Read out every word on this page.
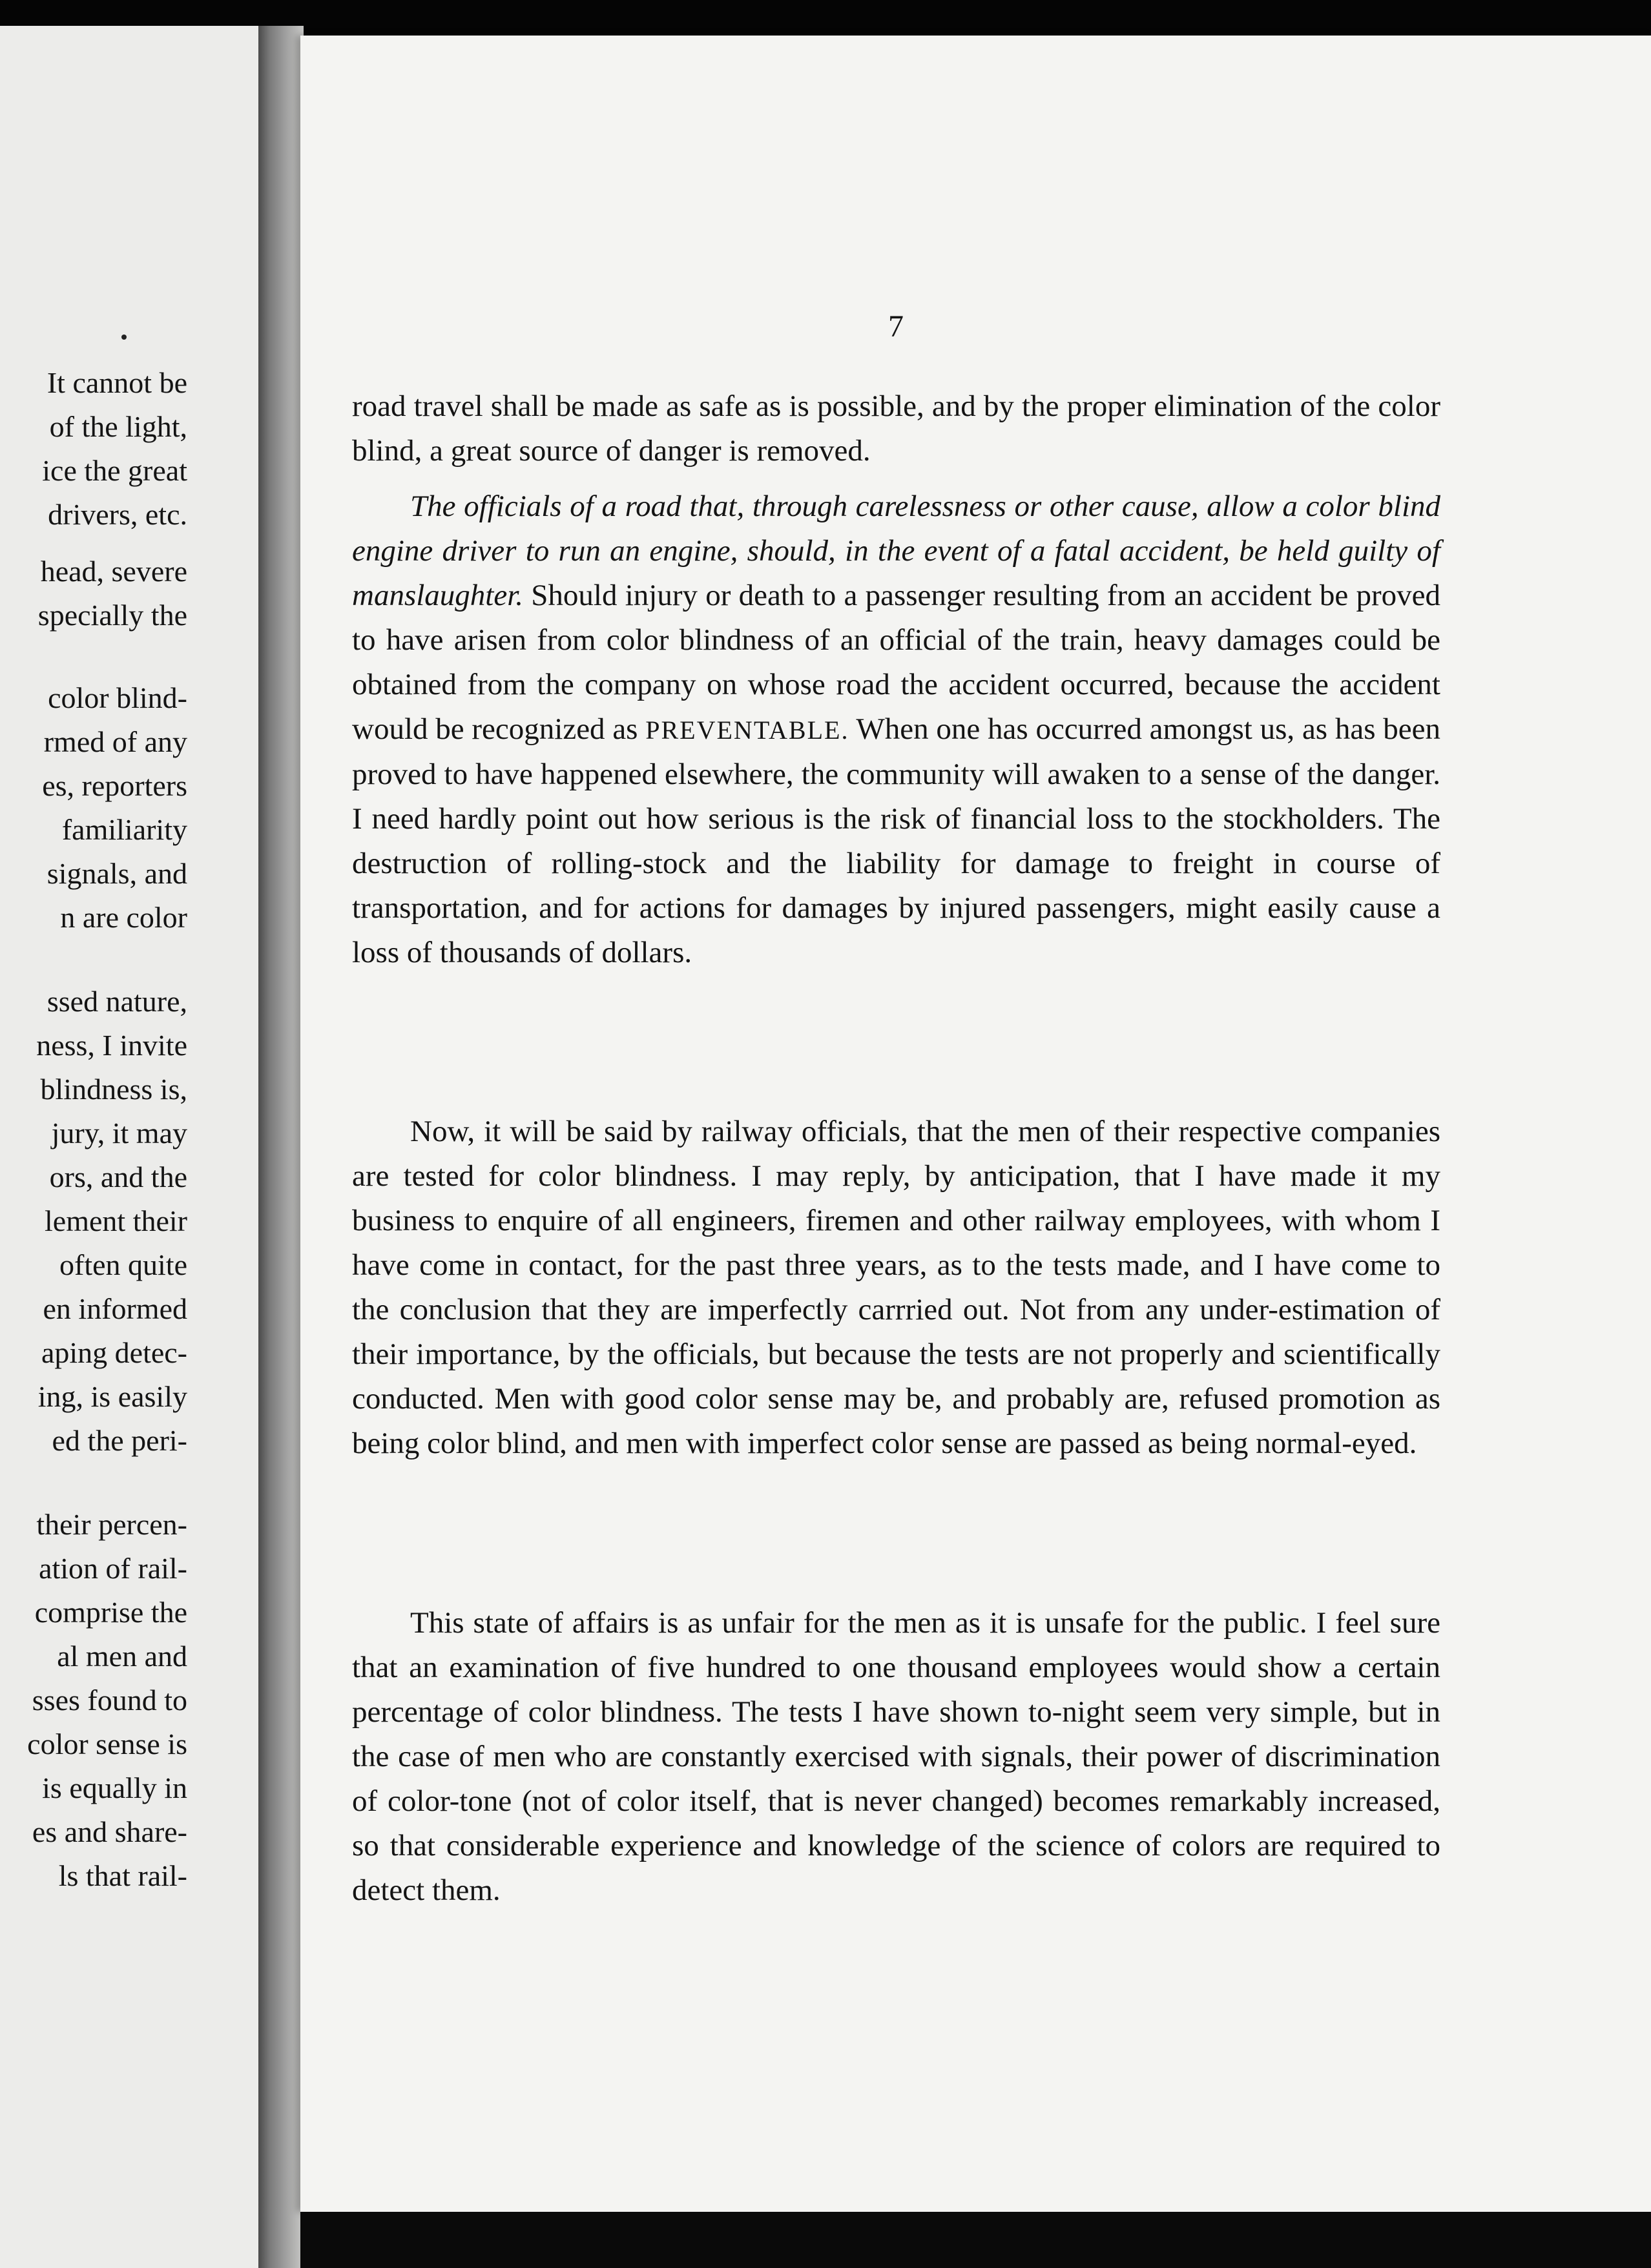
It cannot be
of the light,
ice the great
drivers, etc.
head, severe
specially the
color blind-
rmed of any
es, reporters
familiarity
signals, and
n are color
ssed nature,
ness, I invite
blindness is,
jury, it may
ors, and the
lement their
often quite
en informed
aping detec-
ing, is easily
ed the peri-
their percen-
ation of rail-
comprise the
al men and
sses found to
color sense is
is equally in
es and share-
ls that rail-
7

road travel shall be made as safe as is possible, and by the proper elimination of the color blind, a great source of danger is removed.

The officials of a road that, through carelessness or other cause, allow a color blind engine driver to run an engine, should, in the event of a fatal accident, be held guilty of manslaughter. Should injury or death to a passenger resulting from an accident be proved to have arisen from color blindness of an official of the train, heavy damages could be obtained from the company on whose road the accident occurred, because the accident would be recognized as PREVENTABLE. When one has occurred amongst us, as has been proved to have happened elsewhere, the community will awaken to a sense of the danger. I need hardly point out how serious is the risk of financial loss to the stockholders. The destruction of rolling-stock and the liability for damage to freight in course of transportation, and for actions for damages by injured passengers, might easily cause a loss of thousands of dollars.

Now, it will be said by railway officials, that the men of their respective companies are tested for color blindness. I may reply, by anticipation, that I have made it my business to enquire of all engineers, firemen and other railway employees, with whom I have come in contact, for the past three years, as to the tests made, and I have come to the conclusion that they are imperfectly carrried out. Not from any under-estimation of their importance, by the officials, but because the tests are not properly and scientifically conducted. Men with good color sense may be, and probably are, refused promotion as being color blind, and men with imperfect color sense are passed as being normal-eyed.

This state of affairs is as unfair for the men as it is unsafe for the public. I feel sure that an examination of five hundred to one thousand employees would show a certain percentage of color blindness. The tests I have shown to-night seem very simple, but in the case of men who are constantly exercised with signals, their power of discrimination of color-tone (not of color itself, that is never changed) becomes remarkably increased, so that considerable experience and knowledge of the science of colors are required to detect them.
